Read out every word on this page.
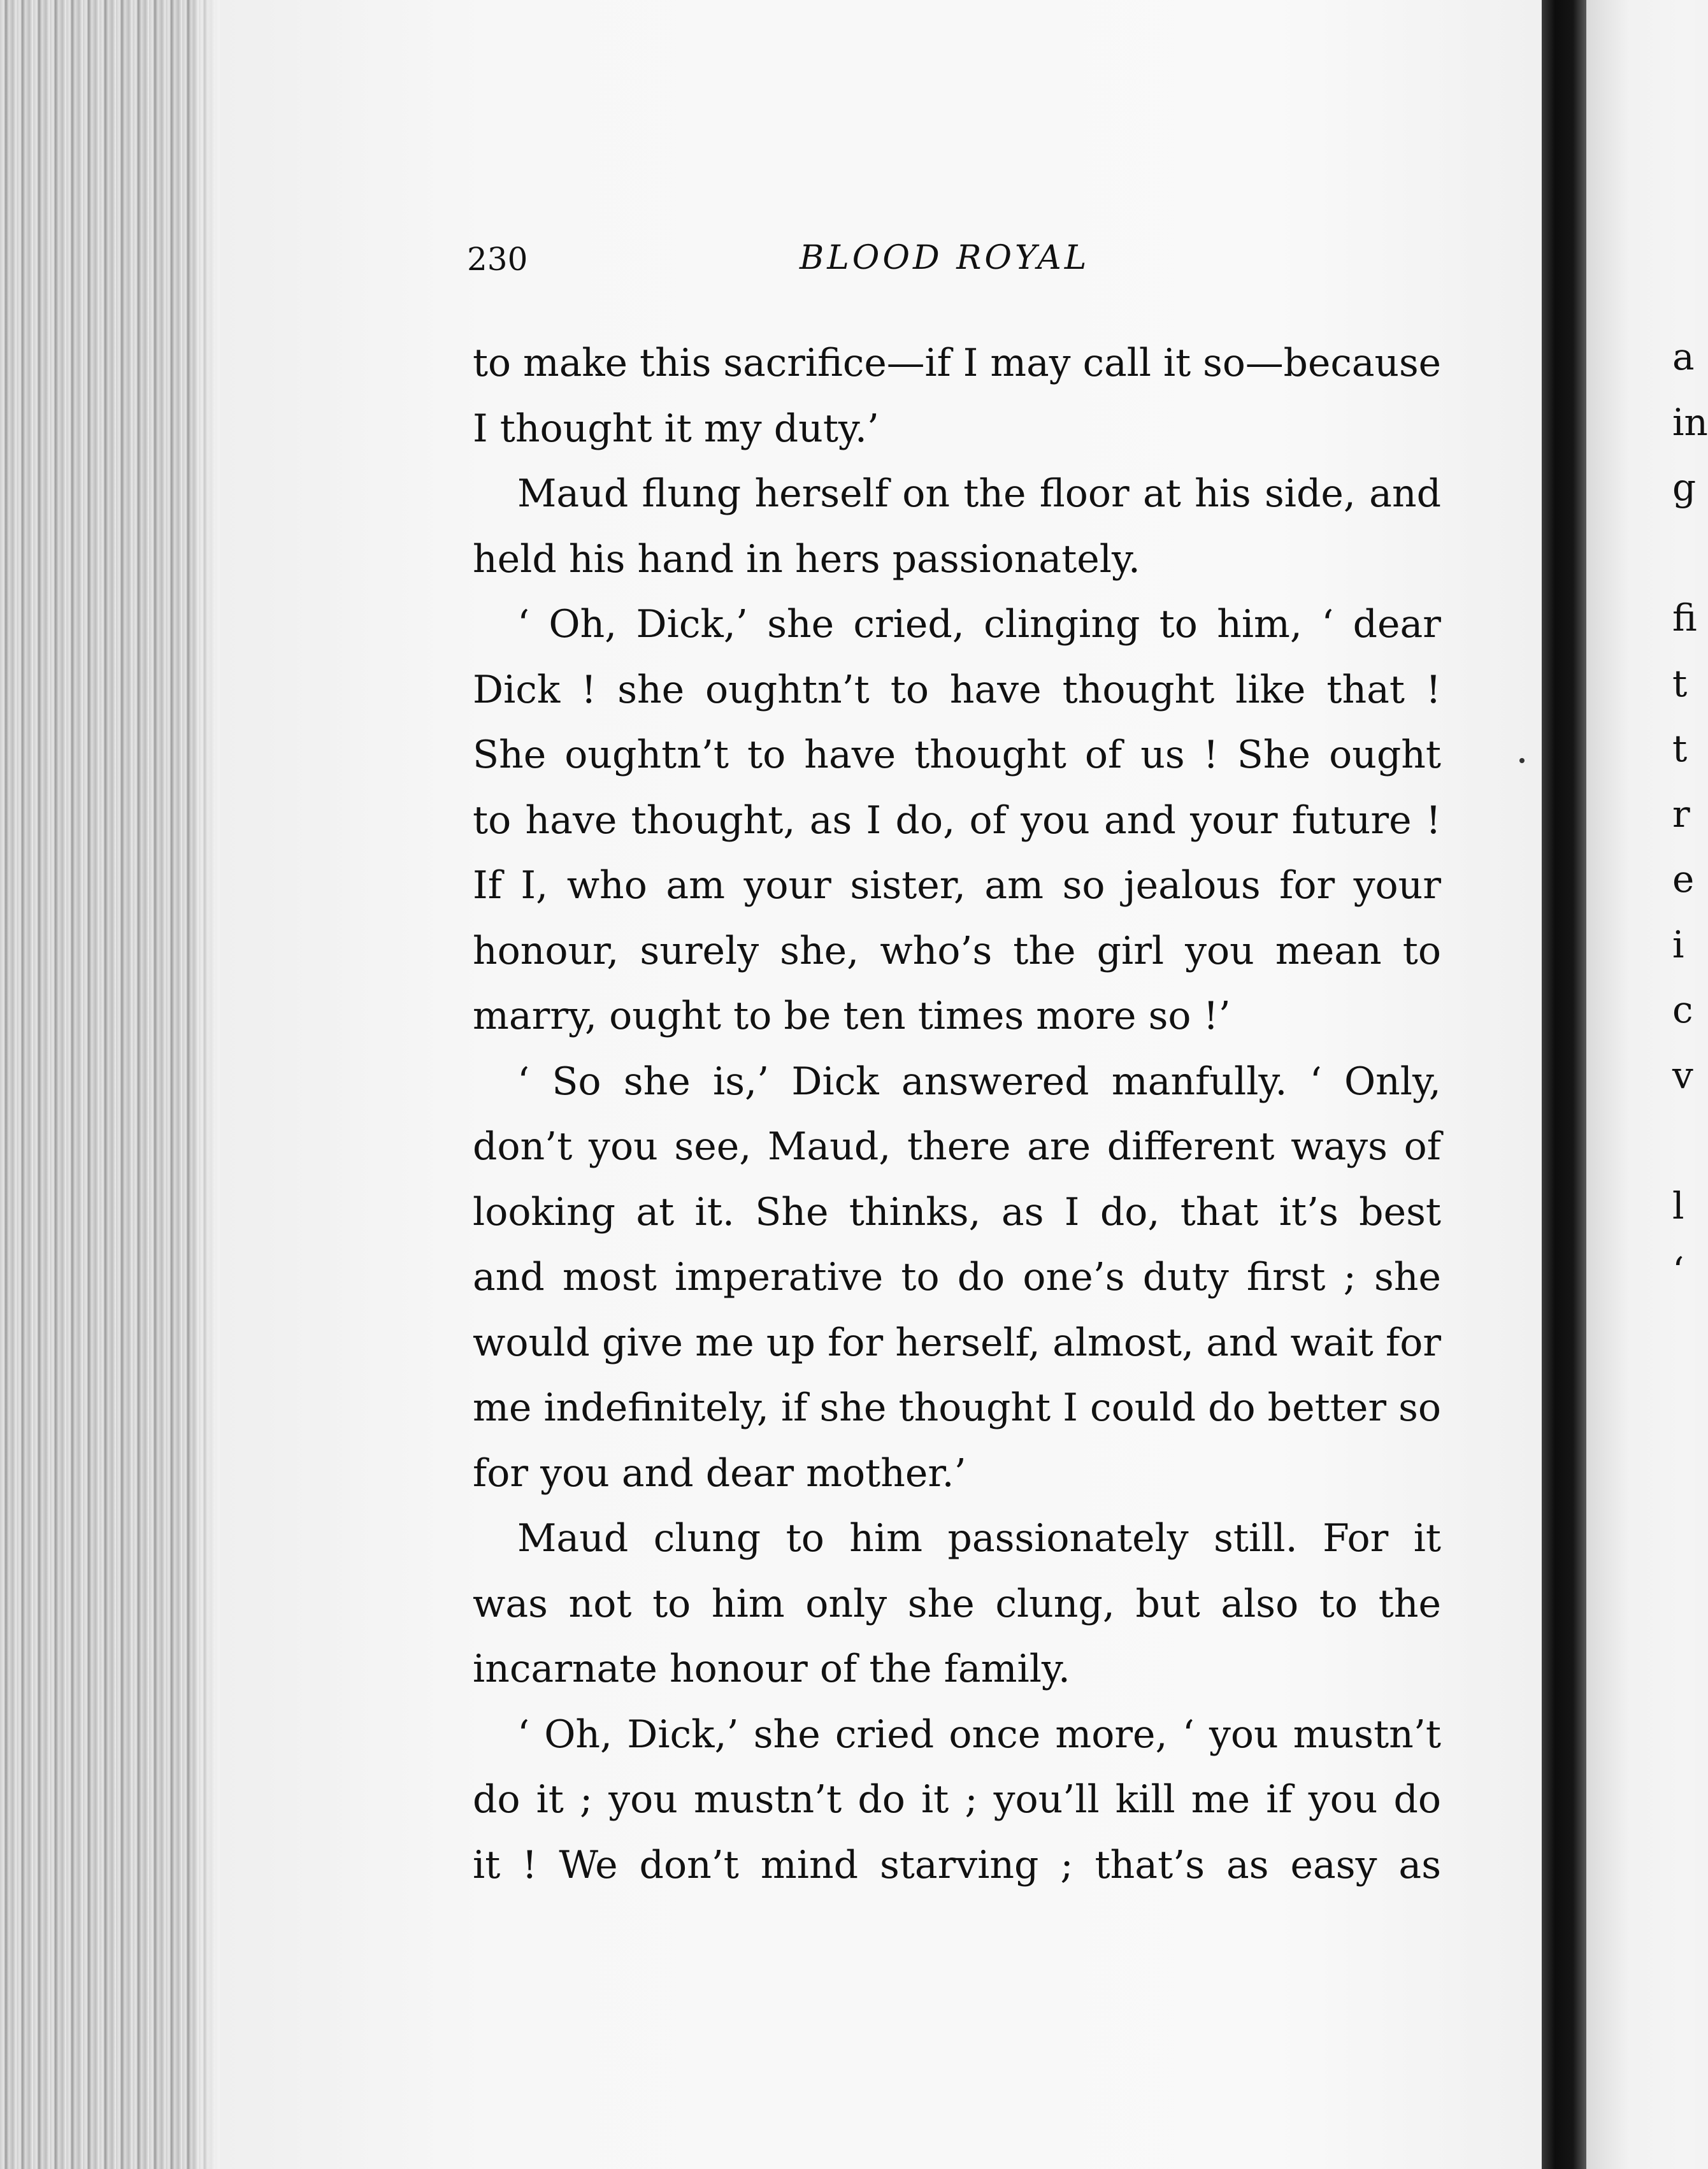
230	BLOOD ROYAL
to make this sacrifice—if I may call it so—because
I thought it my duty.’
Maud flung herself on the floor at his side, and
held his hand in hers passionately.
‘ Oh, Dick,’ she cried, clinging to him, ‘ dear
Dick ! she oughtn’t to have thought like that !
She oughtn’t to have thought of us ! She ought
to have thought, as I do, of you and your future !
If I, who am your sister, am so jealous for your
honour, surely she, who’s the girl you mean to
marry, ought to be ten times more so !’
‘ So she is,’ Dick answered manfully. ‘ Only,
don’t you see, Maud, there are different ways of
looking at it. She thinks, as I do, that it’s best
and most imperative to do one’s duty first ; she
would give me up for herself, almost, and wait for
me indefinitely, if she thought I could do better so
for you and dear mother.’
Maud clung to him passionately still. For it
was not to him only she clung, but also to the
incarnate honour of the family.
‘ Oh, Dick,’ she cried once more, ‘ you mustn’t
do it ; you mustn’t do it ; you’ll kill me if you do
it ! We don’t mind starving ; that’s as easy as
a
in
g
fi
t
t
r
e
i
c
v
l
‘
